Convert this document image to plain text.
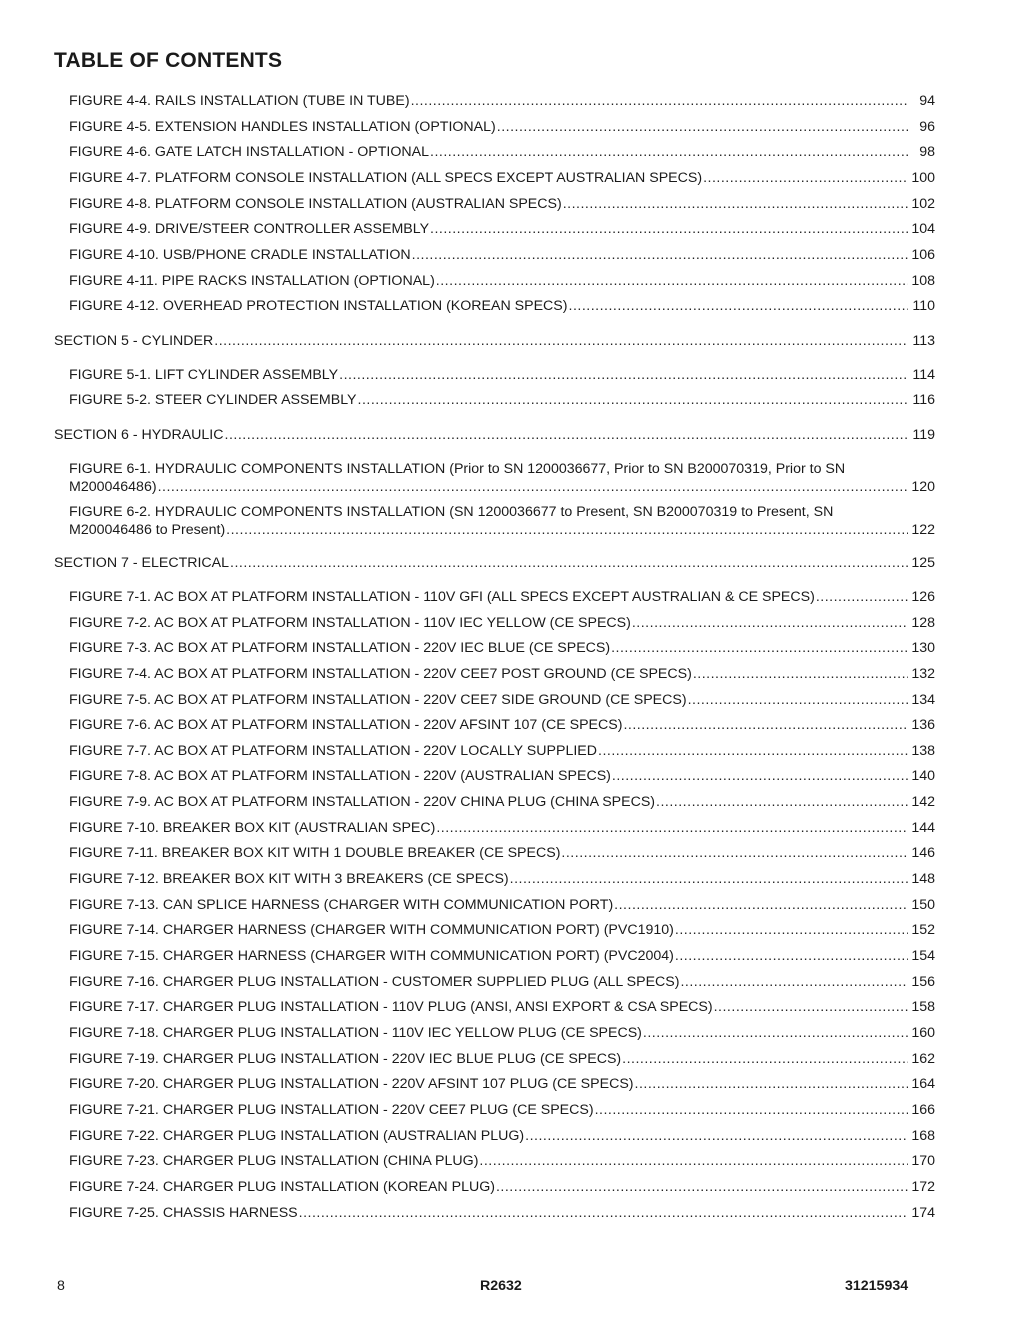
TABLE OF CONTENTS
FIGURE 4-4. RAILS INSTALLATION (TUBE IN TUBE) .....	94
FIGURE 4-5. EXTENSION HANDLES INSTALLATION (OPTIONAL) .....	96
FIGURE 4-6. GATE LATCH INSTALLATION - OPTIONAL .....	98
FIGURE 4-7. PLATFORM CONSOLE INSTALLATION (ALL SPECS EXCEPT AUSTRALIAN SPECS) .....	100
FIGURE 4-8. PLATFORM CONSOLE INSTALLATION (AUSTRALIAN SPECS) .....	102
FIGURE 4-9. DRIVE/STEER CONTROLLER ASSEMBLY .....	104
FIGURE 4-10. USB/PHONE CRADLE INSTALLATION .....	106
FIGURE 4-11. PIPE RACKS INSTALLATION (OPTIONAL) .....	108
FIGURE 4-12. OVERHEAD PROTECTION INSTALLATION (KOREAN SPECS) .....	110
SECTION 5 - CYLINDER .....	113
FIGURE 5-1. LIFT CYLINDER ASSEMBLY .....	114
FIGURE 5-2. STEER CYLINDER ASSEMBLY .....	116
SECTION 6 - HYDRAULIC .....	119
FIGURE 6-1. HYDRAULIC COMPONENTS INSTALLATION (Prior to SN 1200036677, Prior to SN B200070319, Prior to SN
M200046486) .....	120
FIGURE 6-2. HYDRAULIC COMPONENTS INSTALLATION (SN 1200036677 to Present, SN B200070319 to Present, SN
M200046486 to Present) .....	122
SECTION 7 - ELECTRICAL .....	125
FIGURE 7-1. AC BOX AT PLATFORM INSTALLATION - 110V GFI (ALL SPECS EXCEPT AUSTRALIAN & CE SPECS) .....	126
FIGURE 7-2. AC BOX AT PLATFORM INSTALLATION - 110V IEC YELLOW (CE SPECS) .....	128
FIGURE 7-3. AC BOX AT PLATFORM INSTALLATION - 220V IEC BLUE (CE SPECS) .....	130
FIGURE 7-4. AC BOX AT PLATFORM INSTALLATION - 220V CEE7 POST GROUND (CE SPECS) .....	132
FIGURE 7-5. AC BOX AT PLATFORM INSTALLATION - 220V CEE7 SIDE GROUND (CE SPECS) .....	134
FIGURE 7-6. AC BOX AT PLATFORM INSTALLATION - 220V AFSINT 107 (CE SPECS) .....	136
FIGURE 7-7. AC BOX AT PLATFORM INSTALLATION - 220V LOCALLY SUPPLIED .....	138
FIGURE 7-8. AC BOX AT PLATFORM INSTALLATION - 220V (AUSTRALIAN SPECS) .....	140
FIGURE 7-9. AC BOX AT PLATFORM INSTALLATION - 220V CHINA PLUG (CHINA SPECS) .....	142
FIGURE 7-10. BREAKER BOX KIT (AUSTRALIAN SPEC) .....	144
FIGURE 7-11. BREAKER BOX KIT WITH 1 DOUBLE BREAKER (CE SPECS) .....	146
FIGURE 7-12. BREAKER BOX KIT WITH 3 BREAKERS (CE SPECS) .....	148
FIGURE 7-13. CAN SPLICE HARNESS (CHARGER WITH COMMUNICATION PORT) .....	150
FIGURE 7-14. CHARGER HARNESS (CHARGER WITH COMMUNICATION PORT) (PVC1910) .....	152
FIGURE 7-15. CHARGER HARNESS (CHARGER WITH COMMUNICATION PORT) (PVC2004) .....	154
FIGURE 7-16. CHARGER PLUG INSTALLATION - CUSTOMER SUPPLIED PLUG (ALL SPECS) .....	156
FIGURE 7-17. CHARGER PLUG INSTALLATION - 110V PLUG (ANSI, ANSI EXPORT & CSA SPECS) .....	158
FIGURE 7-18. CHARGER PLUG INSTALLATION - 110V IEC YELLOW PLUG (CE SPECS) .....	160
FIGURE 7-19. CHARGER PLUG INSTALLATION - 220V IEC BLUE PLUG (CE SPECS) .....	162
FIGURE 7-20. CHARGER PLUG INSTALLATION - 220V AFSINT 107 PLUG (CE SPECS) .....	164
FIGURE 7-21. CHARGER PLUG INSTALLATION - 220V CEE7 PLUG (CE SPECS) .....	166
FIGURE 7-22. CHARGER PLUG INSTALLATION (AUSTRALIAN PLUG) .....	168
FIGURE 7-23. CHARGER PLUG INSTALLATION (CHINA PLUG) .....	170
FIGURE 7-24. CHARGER PLUG INSTALLATION (KOREAN PLUG) .....	172
FIGURE 7-25. CHASSIS HARNESS .....	174
8	R2632	31215934
